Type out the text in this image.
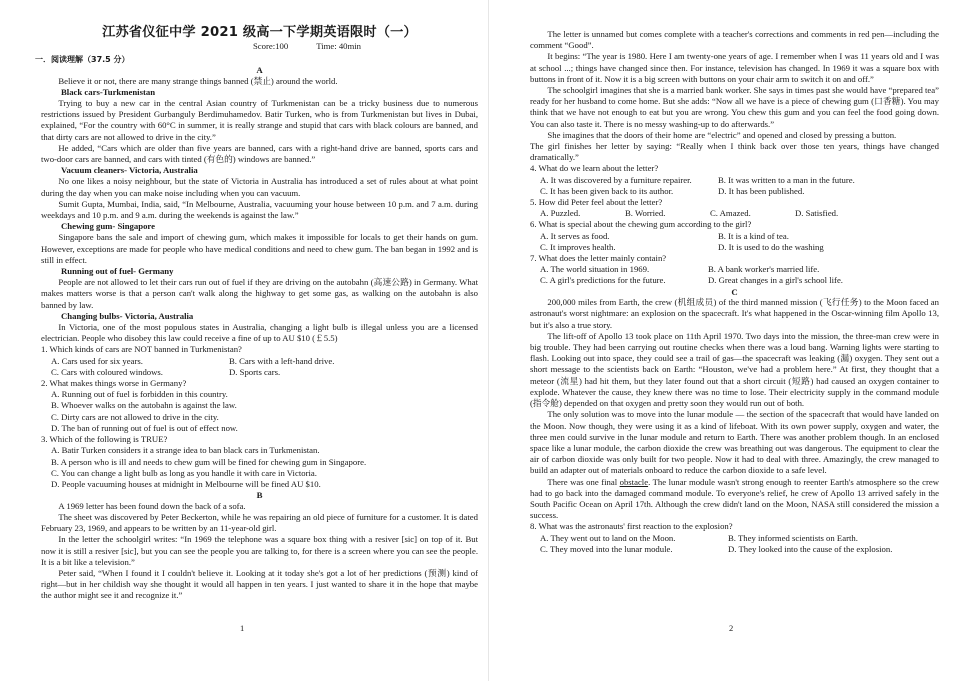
江苏省仪征中学 2021 级高一下学期英语限时（一）
Score:100	Time: 40min
一．阅读理解（37.5 分）
A

Believe it or not, there are many strange things banned (禁止) around the world.

Black cars-Turkmenistan

Trying to buy a new car in the central Asian country of Turkmenistan can be a tricky business due to numerous restrictions issued by President Gurbanguly Berdimuhamedov. Batir Turken, who is from Turkmenistan but lives in Dubai, explained, “For the country with 60°C in summer, it is really strange and stupid that cars with black colours are banned, and that dirty cars are not allowed to drive in the city.”

He added, “Cars which are older than five years are banned, cars with a right-hand drive are banned, sports cars and two-door cars are banned, and cars with tinted (有色的) windows are banned.”

Vacuum cleaners- Victoria, Australia

No one likes a noisy neighbour, but the state of Victoria in Australia has introduced a set of rules about at what point during the day when you can make noise including when you can vacuum.

Sumit Gupta, Mumbai, India, said, “In Melbourne, Australia, vacuuming your house between 10 p.m. and 7 a.m. during weekdays and 10 p.m. and 9 a.m. during the weekends is against the law.”

Chewing gum- Singapore

Singapore bans the sale and import of chewing gum, which makes it impossible for locals to get their hands on gum. However, exceptions are made for people who have medical conditions and need to chew gum. The ban began in 1992 and is still in effect.

Running out of fuel- Germany

People are not allowed to let their cars run out of fuel if they are driving on the autobahn (高速公路) in Germany. What makes matters worse is that a person can't walk along the highway to get some gas, as walking on the autobahn is also banned by law.

Changing bulbs- Victoria, Australia

In Victoria, one of the most populous states in Australia, changing a light bulb is illegal unless you are a licensed electrician. People who disobey this law could receive a fine of up to AU $10 (￡5.5)

1. Which kinds of cars are NOT banned in Turkmenistan?
A. Cars used for six years.	B. Cars with a left-hand drive.
C. Cars with coloured windows.	D. Sports cars.
2. What makes things worse in Germany?
A. Running out of fuel is forbidden in this country.
B. Whoever walks on the autobahn is against the law.
C. Dirty cars are not allowed to drive in the city.
D. The ban of running out of fuel is out of effect now.
3. Which of the following is TRUE?
A. Batir Turken considers it a strange idea to ban black cars in Turkmenistan.
B. A person who is ill and needs to chew gum will be fined for chewing gum in Singapore.
C. You can change a light bulb as long as you handle it with care in Victoria.
D. People vacuuming houses at midnight in Melbourne will be fined AU $10.
B

A 1969 letter has been found down the back of a sofa.

The sheet was discovered by Peter Beckerton, while he was repairing an old piece of furniture for a customer. It is dated February 23, 1969, and appears to be written by an 11-year-old girl.

In the letter the schoolgirl writes: “In 1969 the telephone was a square box thing with a resiver [sic] on top of it. But now it is still a resiver [sic], but you can see the people you are talking to, for there is a screen where you can see the people. It is a bit like a television.”

Peter said, “When I found it I couldn't believe it. Looking at it today she's got a lot of her predictions (预测) kind of right—but in her childish way she thought it would all happen in ten years. I just wanted to share it in the hope that maybe the author might see it and recognize it.”

1

The letter is unnamed but comes complete with a teacher's corrections and comments in red pen—including the comment “Good”.

It begins: “The year is 1980. Here I am twenty-one years of age. I remember when I was 11 years old and I was at school ...; things have changed since then. For instance, television has changed. In 1969 it was a square box with buttons in front of it. Now it is a big screen with buttons on your chair arm to switch it on and off.”

The schoolgirl imagines that she is a married bank worker. She says in times past she would have “prepared tea” ready for her husband to come home. But she adds: “Now all we have is a piece of chewing gum (口香糖). You may think that we have not enough to eat but you are wrong. You chew this gum and you can feel the food going down. You can also taste it. There is no messy washing-up to do afterwards.”

She imagines that the doors of their home are “electric” and opened and closed by pressing a button.

The girl finishes her letter by saying: “Really when I think back over those ten years, things have changed dramatically.”

4. What do we learn about the letter?
A. It was discovered by a furniture repairer.	B. It was written to a man in the future.
C. It has been given back to its author.	D. It has been published.
5. How did Peter feel about the letter?
A. Puzzled.	B. Worried.	C. Amazed.	D. Satisfied.
6. What is special about the chewing gum according to the girl?
A. It serves as food.	B. It is a kind of tea.
C. It improves health.	D. It is used to do the washing
7. What does the letter mainly contain?
A. The world situation in 1969.	B. A bank worker's married life.
C. A girl's predictions for the future.	D. Great changes in a girl's school life.
C

200,000 miles from Earth, the crew (机组成员) of the third manned mission (飞行任务) to the Moon faced an astronaut's worst nightmare: an explosion on the spacecraft. It's what happened in the Oscar-winning film Apollo 13, but it's also a true story.

The lift-off of Apollo 13 took place on 11th April 1970. Two days into the mission, the three-man crew were in big trouble. They had been carrying out routine checks when there was a loud bang. Warning lights were starting to flash. Looking out into space, they could see a trail of gas—the spacecraft was leaking (漏) oxygen. They sent out a short message to the scientists back on Earth: “Houston, we've had a problem here.” At first, they thought that a meteor (流星) had hit them, but they later found out that a short circuit (短路) had caused an oxygen container to explode. Whatever the cause, they knew there was no time to lose. Their electricity supply in the command module (指令舱) depended on that oxygen and pretty soon they would run out of both.

The only solution was to move into the lunar module — the section of the spacecraft that would have landed on the Moon. Now though, they were using it as a kind of lifeboat. With its own power supply, oxygen and water, the three men could survive in the lunar module and return to Earth. There was another problem though. In an enclosed space like a lunar module, the carbon dioxide the crew was breathing out was dangerous. The equipment to clear the air of carbon dioxide was only built for two people. Now it had to deal with three. Amazingly, the crew managed to build an adapter out of materials onboard to reduce the carbon dioxide to a safe level.

There was one final obstacle. The lunar module wasn't strong enough to reenter Earth's atmosphere so the crew had to go back into the damaged command module. To everyone's relief, he crew of Apollo 13 arrived safely in the South Pacific Ocean on April 17th. Although the crew didn't land on the Moon, NASA still considered the mission a success.

8. What was the astronauts' first reaction to the explosion?
A. They went out to land on the Moon.	B. They informed scientists on Earth.
C. They moved into the lunar module.	D. They looked into the cause of the explosion.
2
